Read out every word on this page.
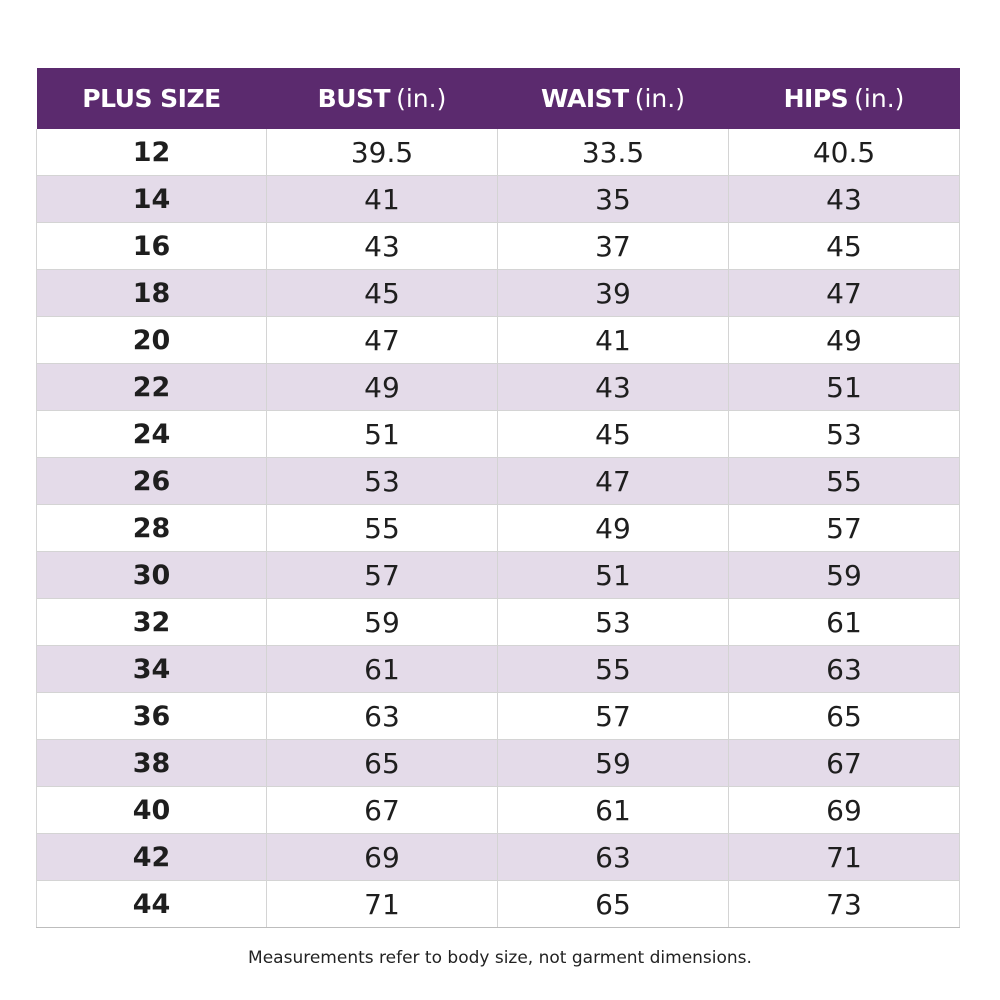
PLUS SIZE	BUST (in.)	WAIST (in.)	HIPS (in.)
12	39.5	33.5	40.5
14	41	35	43
16	43	37	45
18	45	39	47
20	47	41	49
22	49	43	51
24	51	45	53
26	53	47	55
28	55	49	57
30	57	51	59
32	59	53	61
34	61	55	63
36	63	57	65
38	65	59	67
40	67	61	69
42	69	63	71
44	71	65	73
Measurements refer to body size, not garment dimensions.
